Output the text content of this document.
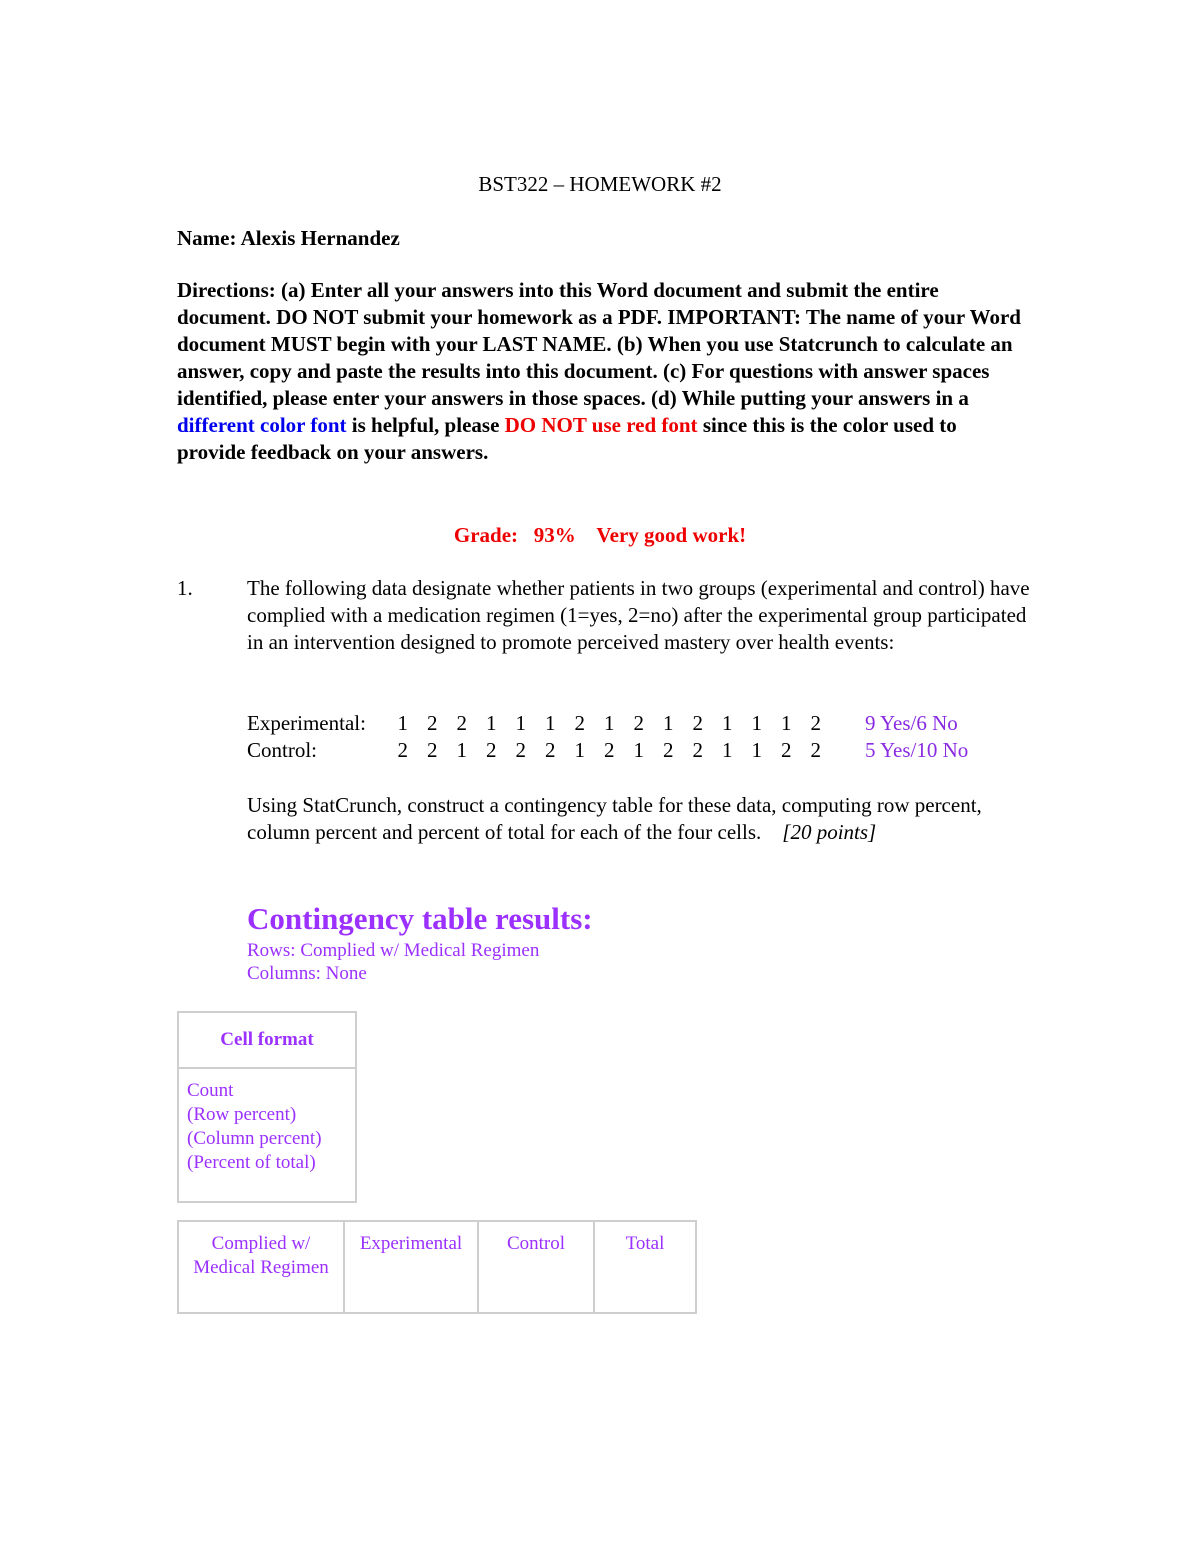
BST322 – HOMEWORK #2
Name: Alexis Hernandez
Directions: (a) Enter all your answers into this Word document and submit the entire document. DO NOT submit your homework as a PDF. IMPORTANT: The name of your Word document MUST begin with your LAST NAME. (b) When you use Statcrunch to calculate an answer, copy and paste the results into this document. (c) For questions with answer spaces identified, please enter your answers in those spaces. (d) While putting your answers in a different color font is helpful, please DO NOT use red font since this is the color used to provide feedback on your answers.
Grade:   93%    Very good work!
1.	The following data designate whether patients in two groups (experimental and control) have complied with a medication regimen (1=yes, 2=no) after the experimental group participated in an intervention designed to promote perceived mastery over health events:
Experimental:	1 2 2 1 1 1 2 1 2 1 2 1 1 1 2	9 Yes/6 No
Control:	2 2 1 2 2 2 1 2 1 2 2 1 1 2 2	5 Yes/10 No
Using StatCrunch, construct a contingency table for these data, computing row percent, column percent and percent of total for each of the four cells. [20 points]
Contingency table results:
Rows: Complied w/ Medical Regimen
Columns: None
Cell format

Count
(Row percent)
(Column percent)
(Percent of total)
Complied w/ Medical Regimen	Experimental	Control	Total
